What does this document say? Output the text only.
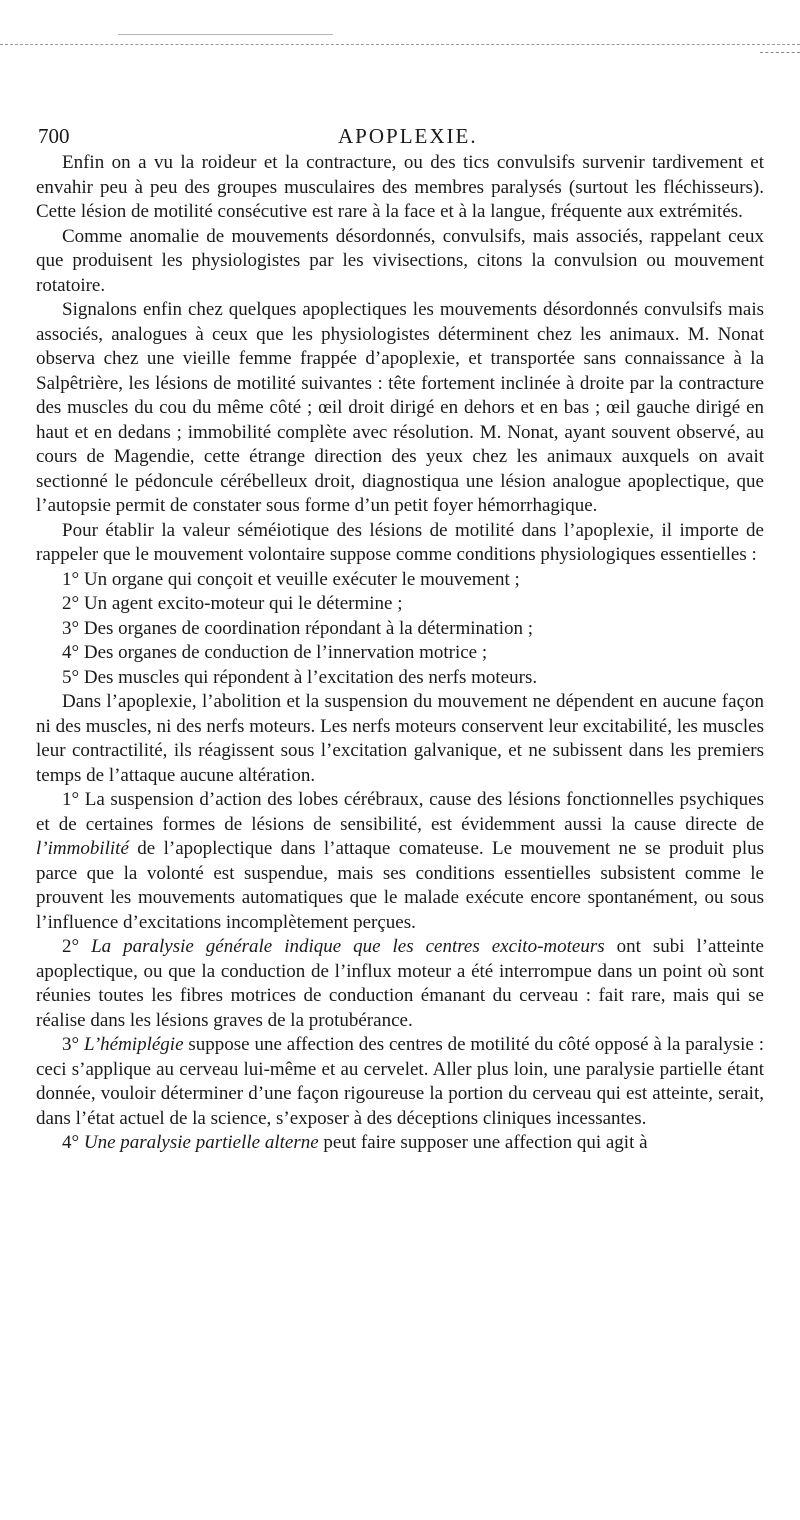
700	APOPLEXIE.

Enfin on a vu la roideur et la contracture, ou des tics convulsifs survenir tardivement et envahir peu à peu des groupes musculaires des membres paralysés (surtout les fléchisseurs). Cette lésion de motilité consécutive est rare à la face et à la langue, fréquente aux extrémités.

Comme anomalie de mouvements désordonnés, convulsifs, mais associés, rappelant ceux que produisent les physiologistes par les vivisections, citons la convulsion ou mouvement rotatoire.

Signalons enfin chez quelques apoplectiques les mouvements désordonnés convulsifs mais associés, analogues à ceux que les physiologistes déterminent chez les animaux. M. Nonat observa chez une vieille femme frappée d’apoplexie, et transportée sans connaissance à la Salpêtrière, les lésions de motilité suivantes : tête fortement inclinée à droite par la contracture des muscles du cou du même côté ; œil droit dirigé en dehors et en bas ; œil gauche dirigé en haut et en dedans ; immobilité complète avec résolution. M. Nonat, ayant souvent observé, au cours de Magendie, cette étrange direction des yeux chez les animaux auxquels on avait sectionné le pédoncule cérébelleux droit, diagnostiqua une lésion analogue apoplectique, que l’autopsie permit de constater sous forme d’un petit foyer hémorrhagique.

Pour établir la valeur séméiotique des lésions de motilité dans l’apoplexie, il importe de rappeler que le mouvement volontaire suppose comme conditions physiologiques essentielles :

1° Un organe qui conçoit et veuille exécuter le mouvement ;

2° Un agent excito-moteur qui le détermine ;

3° Des organes de coordination répondant à la détermination ;

4° Des organes de conduction de l’innervation motrice ;

5° Des muscles qui répondent à l’excitation des nerfs moteurs.

Dans l’apoplexie, l’abolition et la suspension du mouvement ne dépendent en aucune façon ni des muscles, ni des nerfs moteurs. Les nerfs moteurs conservent leur excitabilité, les muscles leur contractilité, ils réagissent sous l’excitation galvanique, et ne subissent dans les premiers temps de l’attaque aucune altération.

1° La suspension d’action des lobes cérébraux, cause des lésions fonctionnelles psychiques et de certaines formes de lésions de sensibilité, est évidemment aussi la cause directe de l’immobilité de l’apoplectique dans l’attaque comateuse. Le mouvement ne se produit plus parce que la volonté est suspendue, mais ses conditions essentielles subsistent comme le prouvent les mouvements automatiques que le malade exécute encore spontanément, ou sous l’influence d’excitations incomplètement perçues.

2° La paralysie générale indique que les centres excito-moteurs ont subi l’atteinte apoplectique, ou que la conduction de l’influx moteur a été interrompue dans un point où sont réunies toutes les fibres motrices de conduction émanant du cerveau : fait rare, mais qui se réalise dans les lésions graves de la protubérance.

3° L’hémiplégie suppose une affection des centres de motilité du côté opposé à la paralysie : ceci s’applique au cerveau lui-même et au cervelet. Aller plus loin, une paralysie partielle étant donnée, vouloir déterminer d’une façon rigoureuse la portion du cerveau qui est atteinte, serait, dans l’état actuel de la science, s’exposer à des déceptions cliniques incessantes.

4° Une paralysie partielle alterne peut faire supposer une affection qui agit à
